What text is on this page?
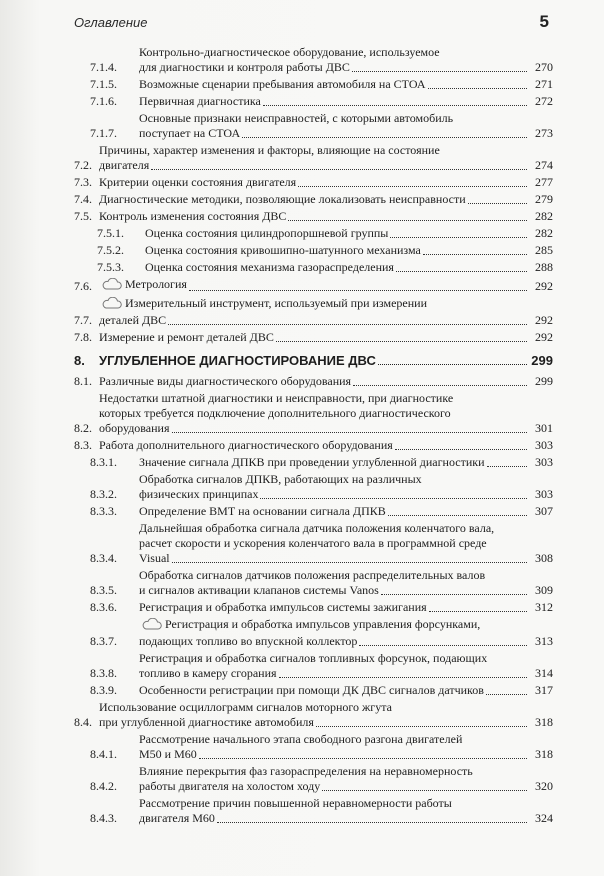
Оглавление	5
7.1.4.
Контрольно-диагностическое оборудование, используемое
для диагностики и контроля работы ДВС	270
7.1.5.	Возможные сценарии пребывания автомобиля на СТОА	271
7.1.6.	Первичная диагностика	272
7.1.7.
Основные признаки неисправностей, с которыми автомобиль
поступает на СТОА	273
7.2.
Причины, характер изменения и факторы, влияющие на состояние
двигателя	274
7.3. Критерии оценки состояния двигателя	277
7.4. Диагностические методики, позволяющие локализовать неисправности	279
7.5. Контроль изменения состояния ДВС	282
7.5.1.	Оценка состояния цилиндропоршневой группы	282
7.5.2.	Оценка состояния кривошипно-шатунного механизма	285
7.5.3.	Оценка состояния механизма газораспределения	288
7.6.	Метрология	292
7.7.
Измерительный инструмент, используемый при измерении
деталей ДВС	292
7.8. Измерение и ремонт деталей ДВС	292
8.	УГЛУБЛЕННОЕ ДИАГНОСТИРОВАНИЕ ДВС	299
8.1. Различные виды диагностического оборудования	299
8.2.
Недостатки штатной диагностики и неисправности, при диагностике
которых требуется подключение дополнительного диагностического
оборудования	301
8.3. Работа дополнительного диагностического оборудования	303
8.3.1.	Значение сигнала ДПКВ при проведении углубленной диагностики	303
8.3.2.
Обработка сигналов ДПКВ, работающих на различных
физических принципах	303
8.3.3.	Определение ВМТ на основании сигнала ДПКВ	307
8.3.4.
Дальнейшая обработка сигнала датчика положения коленчатого вала,
расчет скорости и ускорения коленчатого вала в программной среде
Visual	308
8.3.5.
Обработка сигналов датчиков положения распределительных валов
и сигналов активации клапанов системы Vanos	309
8.3.6.	Регистрация и обработка импульсов системы зажигания	312
8.3.7.
Регистрация и обработка импульсов управления форсунками,
подающих топливо во впускной коллектор	313
8.3.8.
Регистрация и обработка сигналов топливных форсунок, подающих
топливо в камеру сгорания	314
8.3.9.	Особенности регистрации при помощи ДК ДВС сигналов датчиков	317
8.4.
Использование осциллограмм сигналов моторного жгута
при углубленной диагностике автомобиля	318
8.4.1.
Рассмотрение начального этапа свободного разгона двигателей
М50 и М60	318
8.4.2.
Влияние перекрытия фаз газораспределения на неравномерность
работы двигателя на холостом ходу	320
8.4.3.
Рассмотрение причин повышенной неравномерности работы
двигателя М60	324
